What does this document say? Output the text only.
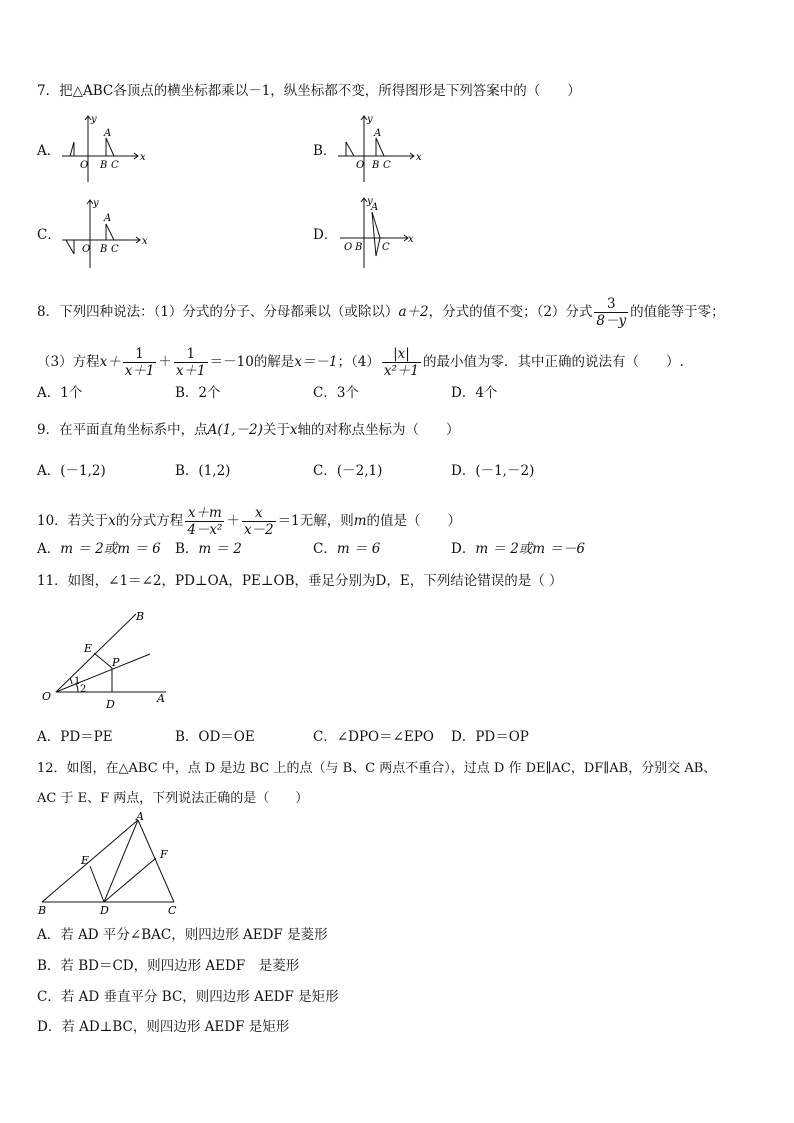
7．把△ABC各顶点的横坐标都乘以－1，纵坐标都不变，所得图形是下列答案中的（　　）
A．	B．
C．	D．
y
x
O
A
B C
y
x
O
A
B C
y
x
O
A
B C
y
x
O
A
B C
8．下列四种说法：（1）分式的分子、分母都乘以（或除以）a＋2，分式的值不变；（2）分式 $\frac{3}{8-y}$ 的值能等于零；
（3）方程$x+ \frac{1}{x+1} + \frac{1}{x+1} =-10$的解是x＝－1；$(4) \frac{|x|}{\text{x²＋1}}$ 的最小值为零．其中正确的说法有（　　）.
A．1个	B．2个	C．3个	D．4个
9．在平面直角坐标系中，点A(1,－2)关于x轴的对称点坐标为（　　）
A．(－1,2)	B．(1,2)	C．(－2,1)	D．(－1,－2)
10．若关于x的分式方程 $\frac{x+m}{\text{4－x²}} + \frac{x}{x-2} =1$无解，则m的值是（　　）
A．m ＝ 2或m ＝ 6 B．m ＝ 2	C．m ＝ 6	D．m ＝ 2或m ＝－6
11．如图，∠1＝∠2，PD⊥OA，PE⊥OB，垂足分别为D，E，下列结论错误的是（ ）
B
E
P
O
D	A
1
2
A．PD＝PE	B．OD＝OE	C．∠DPO＝∠EPO D．PD＝OP
12．如图，在△ABC 中，点 D 是边 BC 上的点（与 B、C 两点不重合），过点 D 作 DE∥AC，DF∥AB，分别交 AB、
AC 于 E、F 两点，下列说法正确的是（　　）
A
B	C
D
E	F
A．若 AD 平分∠BAC，则四边形 AEDF 是菱形
B．若 BD＝CD，则四边形 AEDF　是菱形
C．若 AD 垂直平分 BC，则四边形 AEDF 是矩形
D．若 AD⊥BC，则四边形 AEDF 是矩形
